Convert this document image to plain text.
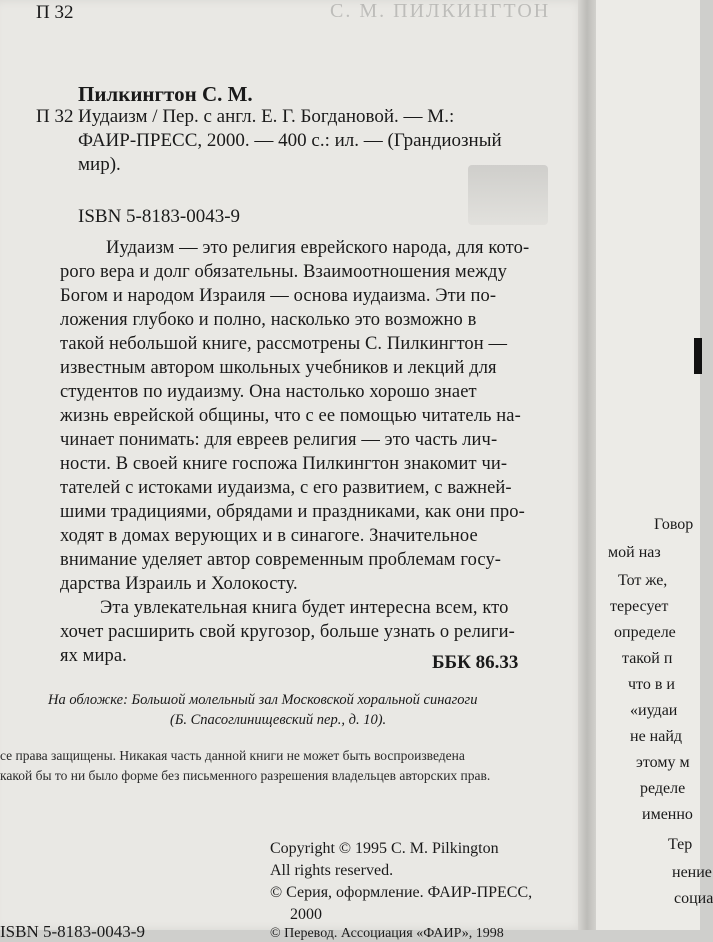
С. М. ПИЛКИНГТОН
П 32
Пилкингтон С. М.
П 32 Иудаизм / Пер. с англ. Е. Г. Богдановой. — М.:
ФАИР-ПРЕСС, 2000. — 400 с.: ил. — (Грандиозный
мир).
ISBN 5-8183-0043-9
Иудаизм — это религия еврейского народа, для кото-
рого вера и долг обязательны. Взаимоотношения между
Богом и народом Израиля — основа иудаизма. Эти по-
ложения глубоко и полно, насколько это возможно в
такой небольшой книге, рассмотрены С. Пилкингтон —
известным автором школьных учебников и лекций для
студентов по иудаизму. Она настолько хорошо знает
жизнь еврейской общины, что с ее помощью читатель на-
чинает понимать: для евреев религия — это часть лич-
ности. В своей книге госпожа Пилкингтон знакомит чи-
тателей с истоками иудаизма, с его развитием, с важней-
шими традициями, обрядами и праздниками, как они про-
ходят в домах верующих и в синагоге. Значительное
внимание уделяет автор современным проблемам госу-
дарства Израиль и Холокосту.
Эта увлекательная книга будет интересна всем, кто
хочет расширить свой кругозор, больше узнать о религи-
ях мира.	ББК 86.33
На обложке: Большой молельный зал Московской хоральной синагоги
(Б. Спасоглинищевский пер., д. 10).
се права защищены. Никакая часть данной книги не может быть воспроизведена
какой бы то ни было форме без письменного разрешения владельцев авторских прав.
Copyright © 1995 C. M. Pilkington
All rights reserved.
© Серия, оформление. ФАИР-ПРЕСС,
2000
© Перевод. Ассоциация «ФАИР», 1998
ISBN 5-8183-0043-9
Говор
мой наз
Тот же,
тересует
определе
такой п
что в и
«иудаи
не найд
этому м
ределе
именно
Тер
нение
социа
